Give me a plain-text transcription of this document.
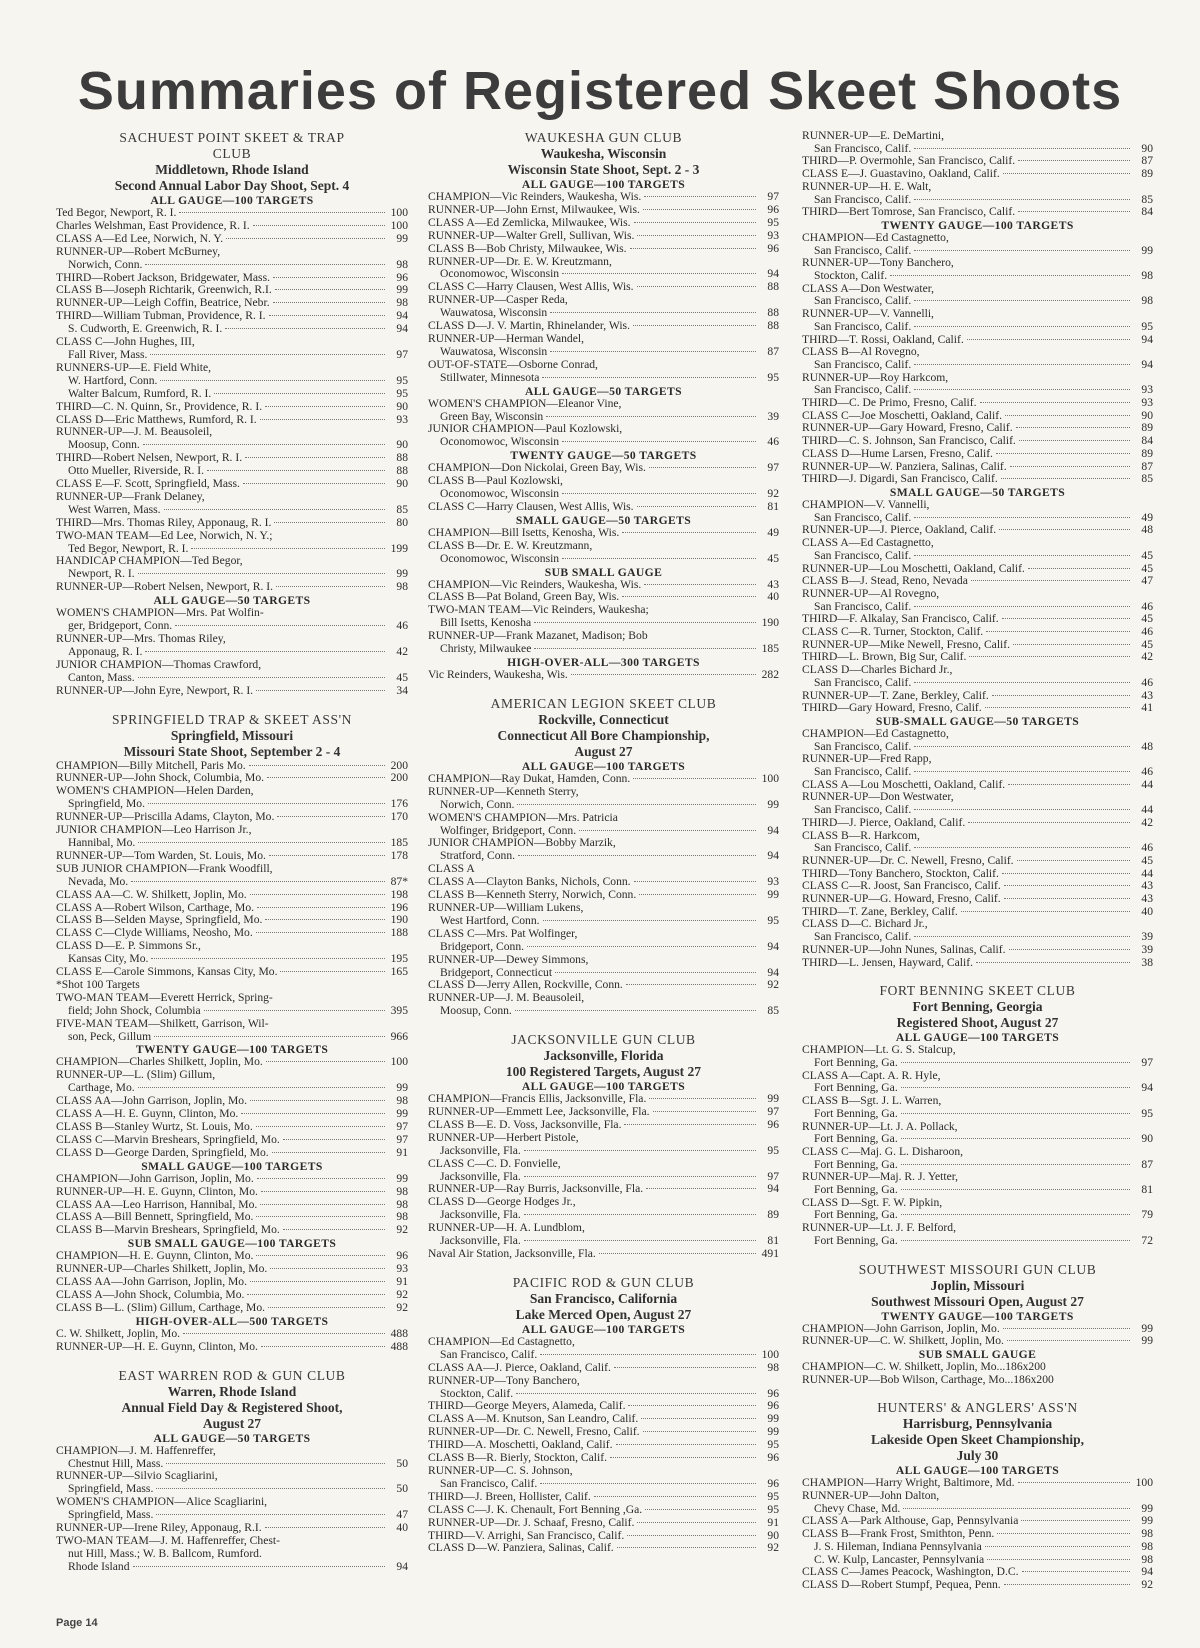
Summaries of Registered Skeet Shoots
SACHUEST POINT SKEET & TRAP
CLUB
Middletown, Rhode Island
Second Annual Labor Day Shoot, Sept. 4
ALL GAUGE—100 TARGETS
Ted Begor, Newport, R. I.	100
Charles Welshman, East Providence, R. I.	100
CLASS A—Ed Lee, Norwich, N. Y.	99
RUNNER-UP—Robert McBurney,
Norwich, Conn.	98
THIRD—Robert Jackson, Bridgewater, Mass.	96
CLASS B—Joseph Richtarik, Greenwich, R.I.	99
RUNNER-UP—Leigh Coffin, Beatrice, Nebr.	98
THIRD—William Tubman, Providence, R. I.	94
S. Cudworth, E. Greenwich, R. I.	94
CLASS C—John Hughes, III,
Fall River, Mass.	97
RUNNERS-UP—E. Field White,
W. Hartford, Conn.	95
Walter Balcum, Rumford, R. I.	95
THIRD—C. N. Quinn, Sr., Providence, R. I.	90
CLASS D—Eric Matthews, Rumford, R. I.	93
RUNNER-UP—J. M. Beausoleil,
Moosup, Conn.	90
THIRD—Robert Nelsen, Newport, R. I.	88
Otto Mueller, Riverside, R. I.	88
CLASS E—F. Scott, Springfield, Mass.	90
RUNNER-UP—Frank Delaney,
West Warren, Mass.	85
THIRD—Mrs. Thomas Riley, Apponaug, R. I.	80
TWO-MAN TEAM—Ed Lee, Norwich, N. Y.;
Ted Begor, Newport, R. I.	199
HANDICAP CHAMPION—Ted Begor,
Newport, R. I.	99
RUNNER-UP—Robert Nelsen, Newport, R. I.	98
ALL GAUGE—50 TARGETS
WOMEN'S CHAMPION—Mrs. Pat Wolfin-
ger, Bridgeport, Conn.	46
RUNNER-UP—Mrs. Thomas Riley,
Apponaug, R. I.	42
JUNIOR CHAMPION—Thomas Crawford,
Canton, Mass.	45
RUNNER-UP—John Eyre, Newport, R. I.	34
SPRINGFIELD TRAP & SKEET ASS'N
Springfield, Missouri
Missouri State Shoot, September 2 - 4
CHAMPION—Billy Mitchell, Paris Mo.	200
RUNNER-UP—John Shock, Columbia, Mo.	200
WOMEN'S CHAMPION—Helen Darden,
Springfield, Mo.	176
RUNNER-UP—Priscilla Adams, Clayton, Mo.	170
JUNIOR CHAMPION—Leo Harrison Jr.,
Hannibal, Mo.	185
RUNNER-UP—Tom Warden, St. Louis, Mo.	178
SUB JUNIOR CHAMPION—Frank Woodfill,
Nevada, Mo.	87*
CLASS AA—C. W. Shilkett, Joplin, Mo.	198
CLASS A—Robert Wilson, Carthage, Mo.	196
CLASS B—Selden Mayse, Springfield, Mo.	190
CLASS C—Clyde Williams, Neosho, Mo.	188
CLASS D—E. P. Simmons Sr.,
Kansas City, Mo.	195
CLASS E—Carole Simmons, Kansas City, Mo.	165
*Shot 100 Targets
TWO-MAN TEAM—Everett Herrick, Spring-
field; John Shock, Columbia	395
FIVE-MAN TEAM—Shilkett, Garrison, Wil-
son, Peck, Gillum	966
TWENTY GAUGE—100 TARGETS
CHAMPION—Charles Shilkett, Joplin, Mo.	100
RUNNER-UP—L. (Slim) Gillum,
Carthage, Mo.	99
CLASS AA—John Garrison, Joplin, Mo.	98
CLASS A—H. E. Guynn, Clinton, Mo.	99
CLASS B—Stanley Wurtz, St. Louis, Mo.	97
CLASS C—Marvin Breshears, Springfield, Mo.	97
CLASS D—George Darden, Springfield, Mo.	91
SMALL GAUGE—100 TARGETS
CHAMPION—John Garrison, Joplin, Mo.	99
RUNNER-UP—H. E. Guynn, Clinton, Mo.	98
CLASS AA—Leo Harrison, Hannibal, Mo.	98
CLASS A—Bill Bennett, Springfield, Mo.	98
CLASS B—Marvin Breshears, Springfield, Mo.	92
SUB SMALL GAUGE—100 TARGETS
CHAMPION—H. E. Guynn, Clinton, Mo.	96
RUNNER-UP—Charles Shilkett, Joplin, Mo.	93
CLASS AA—John Garrison, Joplin, Mo.	91
CLASS A—John Shock, Columbia, Mo.	92
CLASS B—L. (Slim) Gillum, Carthage, Mo.	92
HIGH-OVER-ALL—500 TARGETS
C. W. Shilkett, Joplin, Mo.	488
RUNNER-UP—H. E. Guynn, Clinton, Mo.	488
EAST WARREN ROD & GUN CLUB
Warren, Rhode Island
Annual Field Day & Registered Shoot,
August 27
ALL GAUGE—50 TARGETS
CHAMPION—J. M. Haffenreffer,
Chestnut Hill, Mass.	50
RUNNER-UP—Silvio Scagliarini,
Springfield, Mass.	50
WOMEN'S CHAMPION—Alice Scagliarini,
Springfield, Mass.	47
RUNNER-UP—Irene Riley, Apponaug, R.I.	40
TWO-MAN TEAM—J. M. Haffenreffer, Chest-
nut Hill, Mass.; W. B. Ballcom, Rumford.
Rhode Island	94
WAUKESHA GUN CLUB
Waukesha, Wisconsin
Wisconsin State Shoot, Sept. 2 - 3
ALL GAUGE—100 TARGETS
CHAMPION—Vic Reinders, Waukesha, Wis.	97
RUNNER-UP—John Ernst, Milwaukee, Wis.	96
CLASS A—Ed Zemlicka, Milwaukee, Wis.	95
RUNNER-UP—Walter Grell, Sullivan, Wis.	93
CLASS B—Bob Christy, Milwaukee, Wis.	96
RUNNER-UP—Dr. E. W. Kreutzmann,
Oconomowoc, Wisconsin	94
CLASS C—Harry Clausen, West Allis, Wis.	88
RUNNER-UP—Casper Reda,
Wauwatosa, Wisconsin	88
CLASS D—J. V. Martin, Rhinelander, Wis.	88
RUNNER-UP—Herman Wandel,
Wauwatosa, Wisconsin	87
OUT-OF-STATE—Osborne Conrad,
Stillwater, Minnesota	95
ALL GAUGE—50 TARGETS
WOMEN'S CHAMPION—Eleanor Vine,
Green Bay, Wisconsin	39
JUNIOR CHAMPION—Paul Kozlowski,
Oconomowoc, Wisconsin	46
TWENTY GAUGE—50 TARGETS
CHAMPION—Don Nickolai, Green Bay, Wis.	97
CLASS B—Paul Kozlowski,
Oconomowoc, Wisconsin	92
CLASS C—Harry Clausen, West Allis, Wis.	81
SMALL GAUGE—50 TARGETS
CHAMPION—Bill Isetts, Kenosha, Wis.	49
CLASS B—Dr. E. W. Kreutzmann,
Oconomowoc, Wisconsin	45
SUB SMALL GAUGE
CHAMPION—Vic Reinders, Waukesha, Wis.	43
CLASS B—Pat Boland, Green Bay, Wis.	40
TWO-MAN TEAM—Vic Reinders, Waukesha;
Bill Isetts, Kenosha	190
RUNNER-UP—Frank Mazanet, Madison; Bob
Christy, Milwaukee	185
HIGH-OVER-ALL—300 TARGETS
Vic Reinders, Waukesha, Wis.	282
AMERICAN LEGION SKEET CLUB
Rockville, Connecticut
Connecticut All Bore Championship,
August 27
ALL GAUGE—100 TARGETS
CHAMPION—Ray Dukat, Hamden, Conn.	100
RUNNER-UP—Kenneth Sterry,
Norwich, Conn.	99
WOMEN'S CHAMPION—Mrs. Patricia
Wolfinger, Bridgeport, Conn.	94
JUNIOR CHAMPION—Bobby Marzik,
Stratford, Conn.	94
CLASS A
CLASS A—Clayton Banks, Nichols, Conn.	93
CLASS B—Kenneth Sterry, Norwich, Conn.	99
RUNNER-UP—William Lukens,
West Hartford, Conn.	95
CLASS C—Mrs. Pat Wolfinger,
Bridgeport, Conn.	94
RUNNER-UP—Dewey Simmons,
Bridgeport, Connecticut	94
CLASS D—Jerry Allen, Rockville, Conn.	92
RUNNER-UP—J. M. Beausoleil,
Moosup, Conn.	85
JACKSONVILLE GUN CLUB
Jacksonville, Florida
100 Registered Targets, August 27
ALL GAUGE—100 TARGETS
CHAMPION—Francis Ellis, Jacksonville, Fla.	99
RUNNER-UP—Emmett Lee, Jacksonville, Fla.	97
CLASS B—E. D. Voss, Jacksonville, Fla.	96
RUNNER-UP—Herbert Pistole,
Jacksonville, Fla.	95
CLASS C—C. D. Fonvielle,
Jacksonville, Fla.	97
RUNNER-UP—Ray Burris, Jacksonville, Fla.	94
CLASS D—George Hodges Jr.,
Jacksonville, Fla.	89
RUNNER-UP—H. A. Lundblom,
Jacksonville, Fla.	81
Naval Air Station, Jacksonville, Fla.	491
PACIFIC ROD & GUN CLUB
San Francisco, California
Lake Merced Open, August 27
ALL GAUGE—100 TARGETS
CHAMPION—Ed Castagnetto,
San Francisco, Calif.	100
CLASS AA—J. Pierce, Oakland, Calif.	98
RUNNER-UP—Tony Banchero,
Stockton, Calif.	96
THIRD—George Meyers, Alameda, Calif.	96
CLASS A—M. Knutson, San Leandro, Calif.	99
RUNNER-UP—Dr. C. Newell, Fresno, Calif.	99
THIRD—A. Moschetti, Oakland, Calif.	95
CLASS B—R. Bierly, Stockton, Calif.	96
RUNNER-UP—C. S. Johnson,
San Francisco, Calif.	96
THIRD—J. Breen, Hollister, Calif.	95
CLASS C—J. K. Chenault, Fort Benning ,Ga.	95
RUNNER-UP—Dr. J. Schaaf, Fresno, Calif.	91
THIRD—V. Arrighi, San Francisco, Calif.	90
CLASS D—W. Panziera, Salinas, Calif.	92
RUNNER-UP—E. DeMartini,
San Francisco, Calif.	90
THIRD—P. Overmohle, San Francisco, Calif.	87
CLASS E—J. Guastavino, Oakland, Calif.	89
RUNNER-UP—H. E. Walt,
San Francisco, Calif.	85
THIRD—Bert Tomrose, San Francisco, Calif.	84
TWENTY GAUGE—100 TARGETS
CHAMPION—Ed Castagnetto,
San Francisco, Calif.	99
RUNNER-UP—Tony Banchero,
Stockton, Calif.	98
CLASS A—Don Westwater,
San Francisco, Calif.	98
RUNNER-UP—V. Vannelli,
San Francisco, Calif.	95
THIRD—T. Rossi, Oakland, Calif.	94
CLASS B—Al Rovegno,
San Francisco, Calif.	94
RUNNER-UP—Roy Harkcom,
San Francisco, Calif.	93
THIRD—C. De Primo, Fresno, Calif.	93
CLASS C—Joe Moschetti, Oakland, Calif.	90
RUNNER-UP—Gary Howard, Fresno, Calif.	89
THIRD—C. S. Johnson, San Francisco, Calif.	84
CLASS D—Hume Larsen, Fresno, Calif.	89
RUNNER-UP—W. Panziera, Salinas, Calif.	87
THIRD—J. Digardi, San Francisco, Calif.	85
SMALL GAUGE—50 TARGETS
CHAMPION—V. Vannelli,
San Francisco, Calif.	49
RUNNER-UP—J. Pierce, Oakland, Calif.	48
CLASS A—Ed Castagnetto,
San Francisco, Calif.	45
RUNNER-UP—Lou Moschetti, Oakland, Calif.	45
CLASS B—J. Stead, Reno, Nevada	47
RUNNER-UP—Al Rovegno,
San Francisco, Calif.	46
THIRD—F. Alkalay, San Francisco, Calif.	45
CLASS C—R. Turner, Stockton, Calif.	46
RUNNER-UP—Mike Newell, Fresno, Calif.	45
THIRD—L. Brown, Big Sur, Calif.	42
CLASS D—Charles Bichard Jr.,
San Francisco, Calif.	46
RUNNER-UP—T. Zane, Berkley, Calif.	43
THIRD—Gary Howard, Fresno, Calif.	41
SUB-SMALL GAUGE—50 TARGETS
CHAMPION—Ed Castagnetto,
San Francisco, Calif.	48
RUNNER-UP—Fred Rapp,
San Francisco, Calif.	46
CLASS A—Lou Moschetti, Oakland, Calif.	44
RUNNER-UP—Don Westwater,
San Francisco, Calif.	44
THIRD—J. Pierce, Oakland, Calif.	42
CLASS B—R. Harkcom,
San Francisco, Calif.	46
RUNNER-UP—Dr. C. Newell, Fresno, Calif.	45
THIRD—Tony Banchero, Stockton, Calif.	44
CLASS C—R. Joost, San Francisco, Calif.	43
RUNNER-UP—G. Howard, Fresno, Calif.	43
THIRD—T. Zane, Berkley, Calif.	40
CLASS D—C. Bichard Jr.,
San Francisco, Calif.	39
RUNNER-UP—John Nunes, Salinas, Calif.	39
THIRD—L. Jensen, Hayward, Calif.	38
FORT BENNING SKEET CLUB
Fort Benning, Georgia
Registered Shoot, August 27
ALL GAUGE—100 TARGETS
CHAMPION—Lt. G. S. Stalcup,
Fort Benning, Ga.	97
CLASS A—Capt. A. R. Hyle,
Fort Benning, Ga.	94
CLASS B—Sgt. J. L. Warren,
Fort Benning, Ga.	95
RUNNER-UP—Lt. J. A. Pollack,
Fort Benning, Ga.	90
CLASS C—Maj. G. L. Disharoon,
Fort Benning, Ga.	87
RUNNER-UP—Maj. R. J. Yetter,
Fort Benning, Ga.	81
CLASS D—Sgt. F. W. Pipkin,
Fort Benning, Ga.	79
RUNNER-UP—Lt. J. F. Belford,
Fort Benning, Ga.	72
SOUTHWEST MISSOURI GUN CLUB
Joplin, Missouri
Southwest Missouri Open, August 27
TWENTY GAUGE—100 TARGETS
CHAMPION—John Garrison, Joplin, Mo.	99
RUNNER-UP—C. W. Shilkett, Joplin, Mo.	99
SUB SMALL GAUGE
CHAMPION—C. W. Shilkett, Joplin, Mo...186x200
RUNNER-UP—Bob Wilson, Carthage, Mo...186x200
HUNTERS' & ANGLERS' ASS'N
Harrisburg, Pennsylvania
Lakeside Open Skeet Championship,
July 30
ALL GAUGE—100 TARGETS
CHAMPION—Harry Wright, Baltimore, Md.	100
RUNNER-UP—John Dalton,
Chevy Chase, Md.	99
CLASS A—Park Althouse, Gap, Pennsylvania	99
CLASS B—Frank Frost, Smithton, Penn.	98
J. S. Hileman, Indiana Pennsylvania	98
C. W. Kulp, Lancaster, Pennsylvania	98
CLASS C—James Peacock, Washington, D.C.	94
CLASS D—Robert Stumpf, Pequea, Penn.	92
Page 14
